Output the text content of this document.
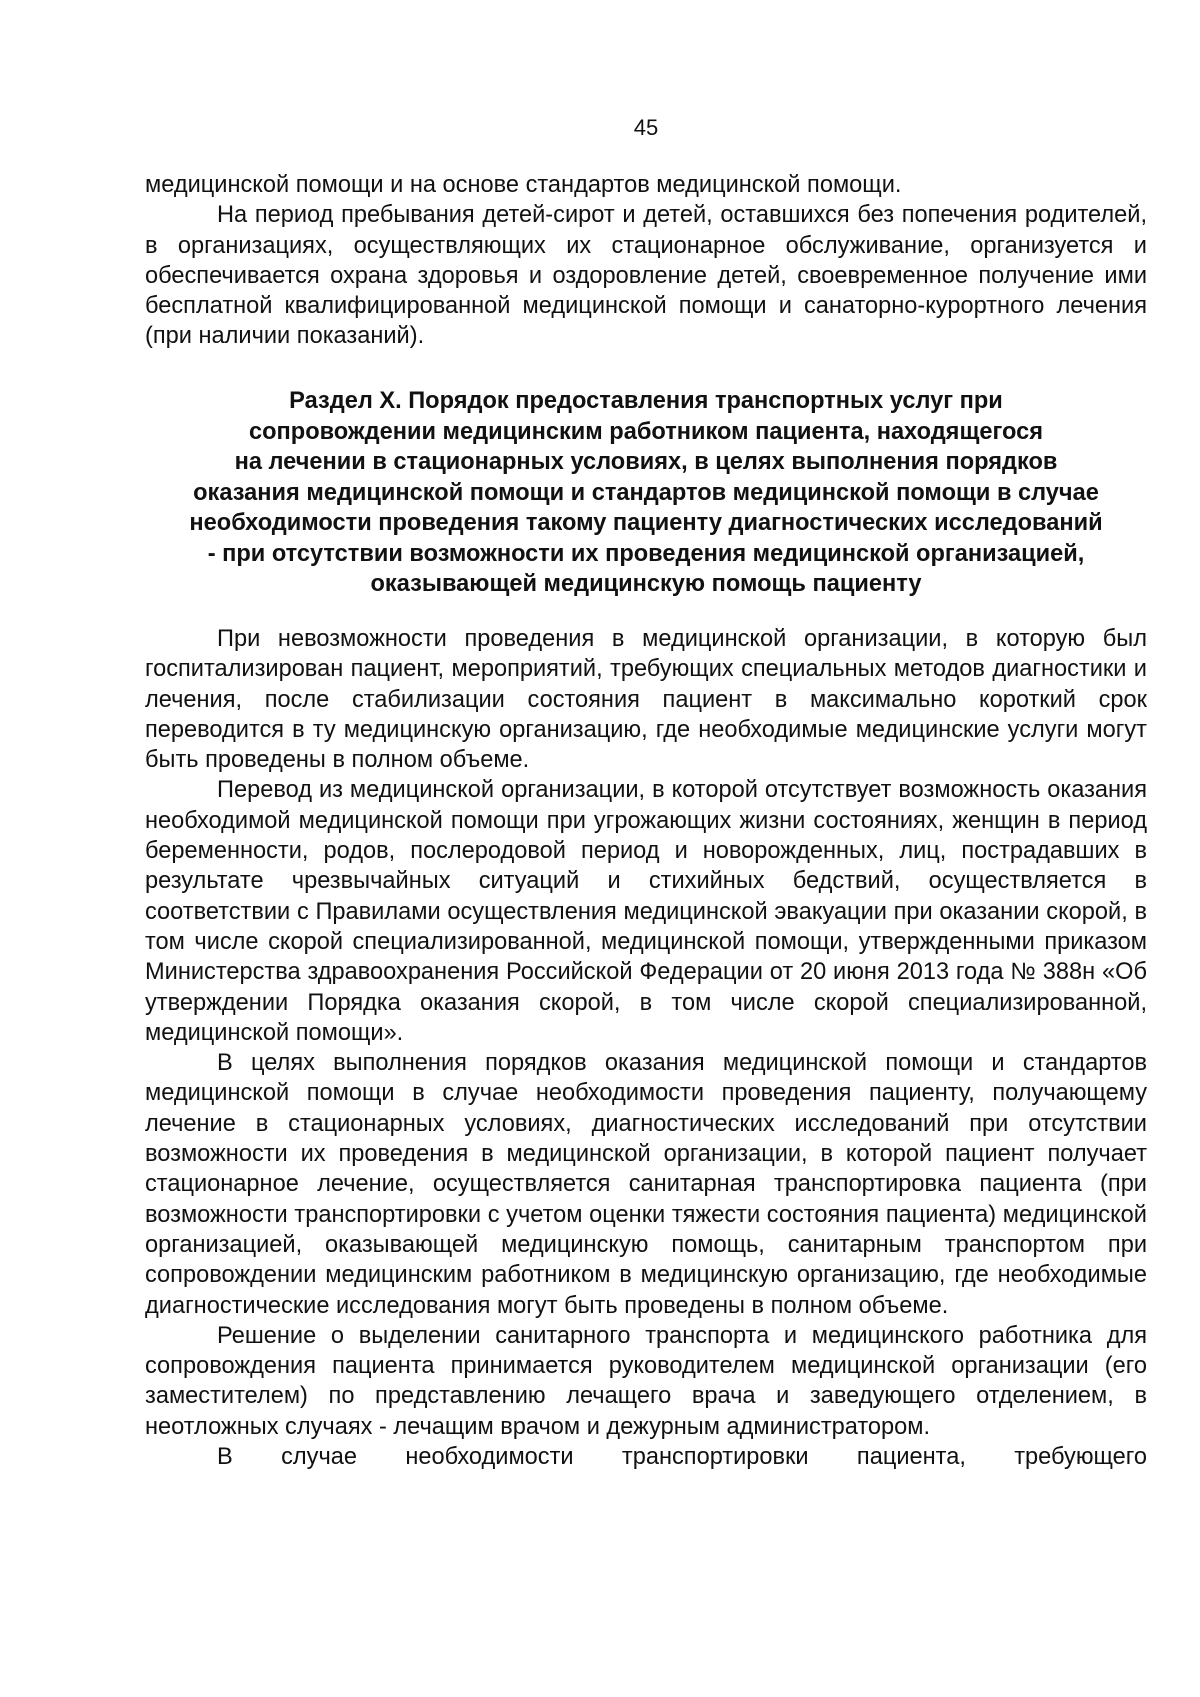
45

медицинской помощи и на основе стандартов медицинской помощи.

На период пребывания детей-сирот и детей, оставшихся без попечения родителей, в организациях, осуществляющих их стационарное обслуживание, организуется и обеспечивается охрана здоровья и оздоровление детей, своевременное получение ими бесплатной квалифицированной медицинской помощи и санаторно-курортного лечения (при наличии показаний).

Раздел X. Порядок предоставления транспортных услуг при
сопровождении медицинским работником пациента, находящегося
на лечении в стационарных условиях, в целях выполнения порядков
оказания медицинской помощи и стандартов медицинской помощи в случае
необходимости проведения такому пациенту диагностических исследований
- при отсутствии возможности их проведения медицинской организацией,
оказывающей медицинскую помощь пациенту

При невозможности проведения в медицинской организации, в которую был госпитализирован пациент, мероприятий, требующих специальных методов диагностики и лечения, после стабилизации состояния пациент в максимально короткий срок переводится в ту медицинскую организацию, где необходимые медицинские услуги могут быть проведены в полном объеме.

Перевод из медицинской организации, в которой отсутствует возможность оказания необходимой медицинской помощи при угрожающих жизни состояниях, женщин в период беременности, родов, послеродовой период и новорожденных, лиц, пострадавших в результате чрезвычайных ситуаций и стихийных бедствий, осуществляется в соответствии с Правилами осуществления медицинской эвакуации при оказании скорой, в том числе скорой специализированной, медицинской помощи, утвержденными приказом Министерства здравоохранения Российской Федерации от 20 июня 2013 года № 388н «Об утверждении Порядка оказания скорой, в том числе скорой специализированной, медицинской помощи».

В целях выполнения порядков оказания медицинской помощи и стандартов медицинской помощи в случае необходимости проведения пациенту, получающему лечение в стационарных условиях, диагностических исследований при отсутствии возможности их проведения в медицинской организации, в которой пациент получает стационарное лечение, осуществляется санитарная транспортировка пациента (при возможности транспортировки с учетом оценки тяжести состояния пациента) медицинской организацией, оказывающей медицинскую помощь, санитарным транспортом при сопровождении медицинским работником в медицинскую организацию, где необходимые диагностические исследования могут быть проведены в полном объеме.

Решение о выделении санитарного транспорта и медицинского работника для сопровождения пациента принимается руководителем медицинской организации (его заместителем) по представлению лечащего врача и заведующего отделением, в неотложных случаях - лечащим врачом и дежурным администратором.

В случае необходимости транспортировки пациента, требующего
